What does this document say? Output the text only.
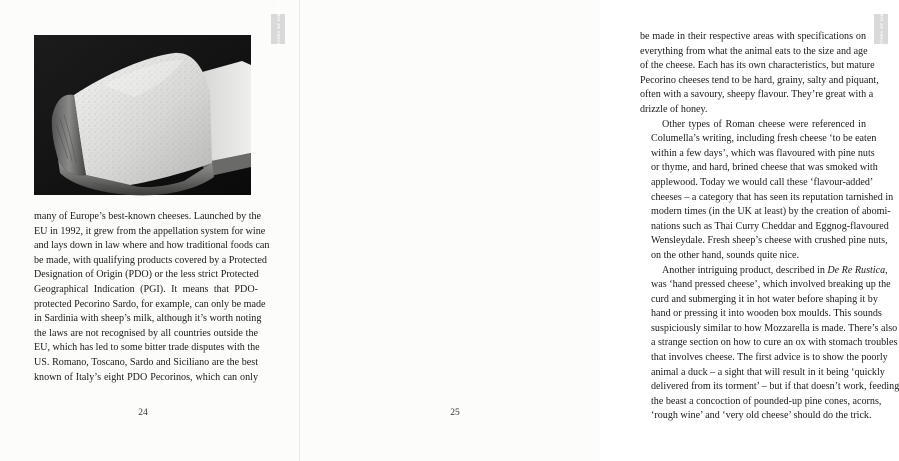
A HISTORY OF CHEESE
many of Europe’s best-known cheeses. Launched by the
EU in 1992, it grew from the appellation system for wine
and lays down in law where and how traditional foods can
be made, with qualifying products covered by a Protected
Designation of Origin (PDO) or the less strict Protected
Geographical Indication (PGI). It means that PDO-
protected Pecorino Sardo, for example, can only be made
in Sardinia with sheep’s milk, although it’s worth noting
the laws are not recognised by all countries outside the
EU, which has led to some bitter trade disputes with the
US. Romano, Toscano, Sardo and Siciliano are the best
known of Italy’s eight PDO Pecorinos, which can only
24
A HISTORY OF CHEESE

be made in their respective areas with specifications on
everything from what the animal eats to the size and age
of the cheese. Each has its own characteristics, but mature
Pecorino cheeses tend to be hard, grainy, salty and piquant,
often with a savoury, sheepy flavour. They’re great with a
drizzle of honey.

Other types of Roman cheese were referenced in
Columella’s writing, including fresh cheese ‘to be eaten
within a few days’, which was flavoured with pine nuts
or thyme, and hard, brined cheese that was smoked with
applewood. Today we would call these ‘flavour-added’
cheeses – a category that has seen its reputation tarnished in
modern times (in the UK at least) by the creation of abomi-
nations such as Thai Curry Cheddar and Eggnog-flavoured
Wensleydale. Fresh sheep’s cheese with crushed pine nuts,
on the other hand, sounds quite nice.

Another intriguing product, described in De Re Rustica,
was ‘hand pressed cheese’, which involved breaking up the
curd and submerging it in hot water before shaping it by
hand or pressing it into wooden box moulds. This sounds
suspiciously similar to how Mozzarella is made. There’s also
a strange section on how to cure an ox with stomach troubles
that involves cheese. The first advice is to show the poorly
animal a duck – a sight that will result in it being ‘quickly
delivered from its torment’ – but if that doesn’t work, feeding
the beast a concoction of pounded-up pine cones, acorns,
‘rough wine’ and ‘very old cheese’ should do the trick.

25
